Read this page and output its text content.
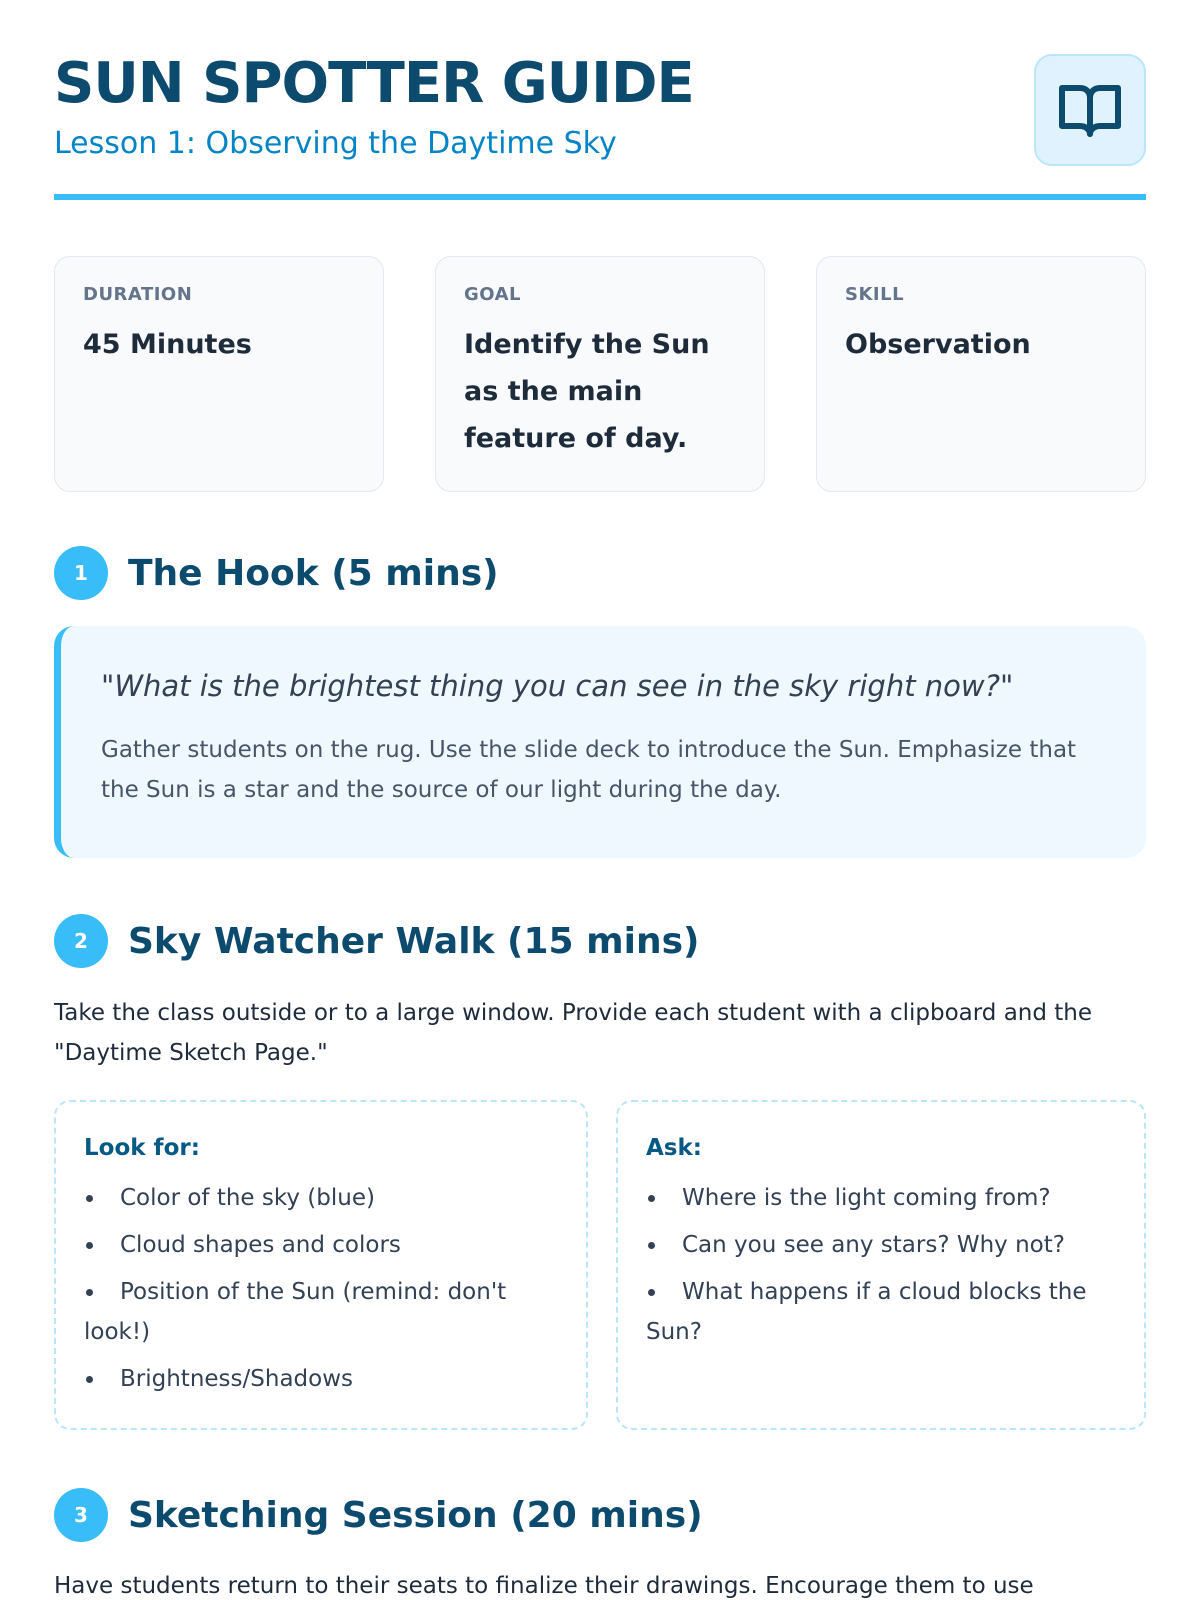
SUN SPOTTER GUIDE
Lesson 1: Observing the Daytime Sky
DURATION
45 Minutes
GOAL
Identify the Sun as the main feature of day.
SKILL
Observation
1	The Hook (5 mins)
"What is the brightest thing you can see in the sky right now?"
Gather students on the rug. Use the slide deck to introduce the Sun. Emphasize that the Sun is a star and the source of our light during the day.
2	Sky Watcher Walk (15 mins)
Take the class outside or to a large window. Provide each student with a clipboard and the "Daytime Sketch Page."
Look for:
Color of the sky (blue)
Cloud shapes and colors
Position of the Sun (remind: don't look!)
Brightness/Shadows
Ask:
Where is the light coming from?
Can you see any stars? Why not?
What happens if a cloud blocks the Sun?
3	Sketching Session (20 mins)
Have students return to their seats to finalize their drawings. Encourage them to use
